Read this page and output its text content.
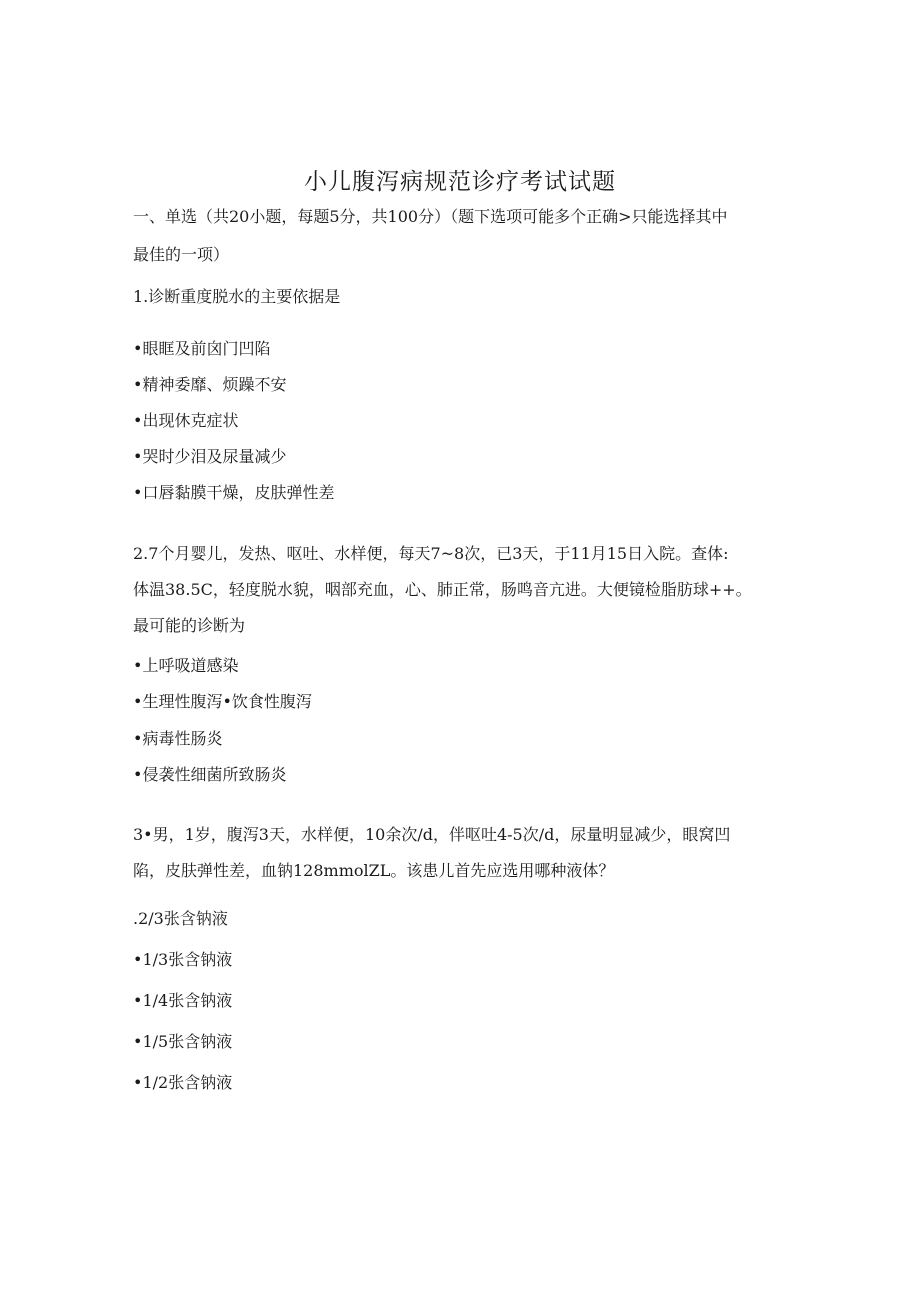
小儿腹泻病规范诊疗考试试题
一、单选（共20小题，每题5分，共100分）（题下选项可能多个正确>只能选择其中
最佳的一项）
1.诊断重度脱水的主要依据是
•眼眶及前囟门凹陷
•精神委靡、烦躁不安
•出现休克症状
•哭时少泪及尿量减少
•口唇黏膜干燥，皮肤弹性差
2.7个月婴儿，发热、呕吐、水样便，每天7~8次，已3天，于11月15日入院。查体:
体温38.5C，轻度脱水貌，咽部充血，心、肺正常，肠鸣音亢进。大便镜检脂肪球++。
最可能的诊断为
•上呼吸道感染
•生理性腹泻•饮食性腹泻
•病毒性肠炎
•侵袭性细菌所致肠炎
3•男，1岁，腹泻3天，水样便，10余次/d，伴呕吐4-5次/d，尿量明显减少，眼窝凹
陷，皮肤弹性差，血钠128mmolZL。该患儿首先应选用哪种液体？
.2/3张含钠液
•1/3张含钠液
•1/4张含钠液
•1/5张含钠液
•1/2张含钠液
